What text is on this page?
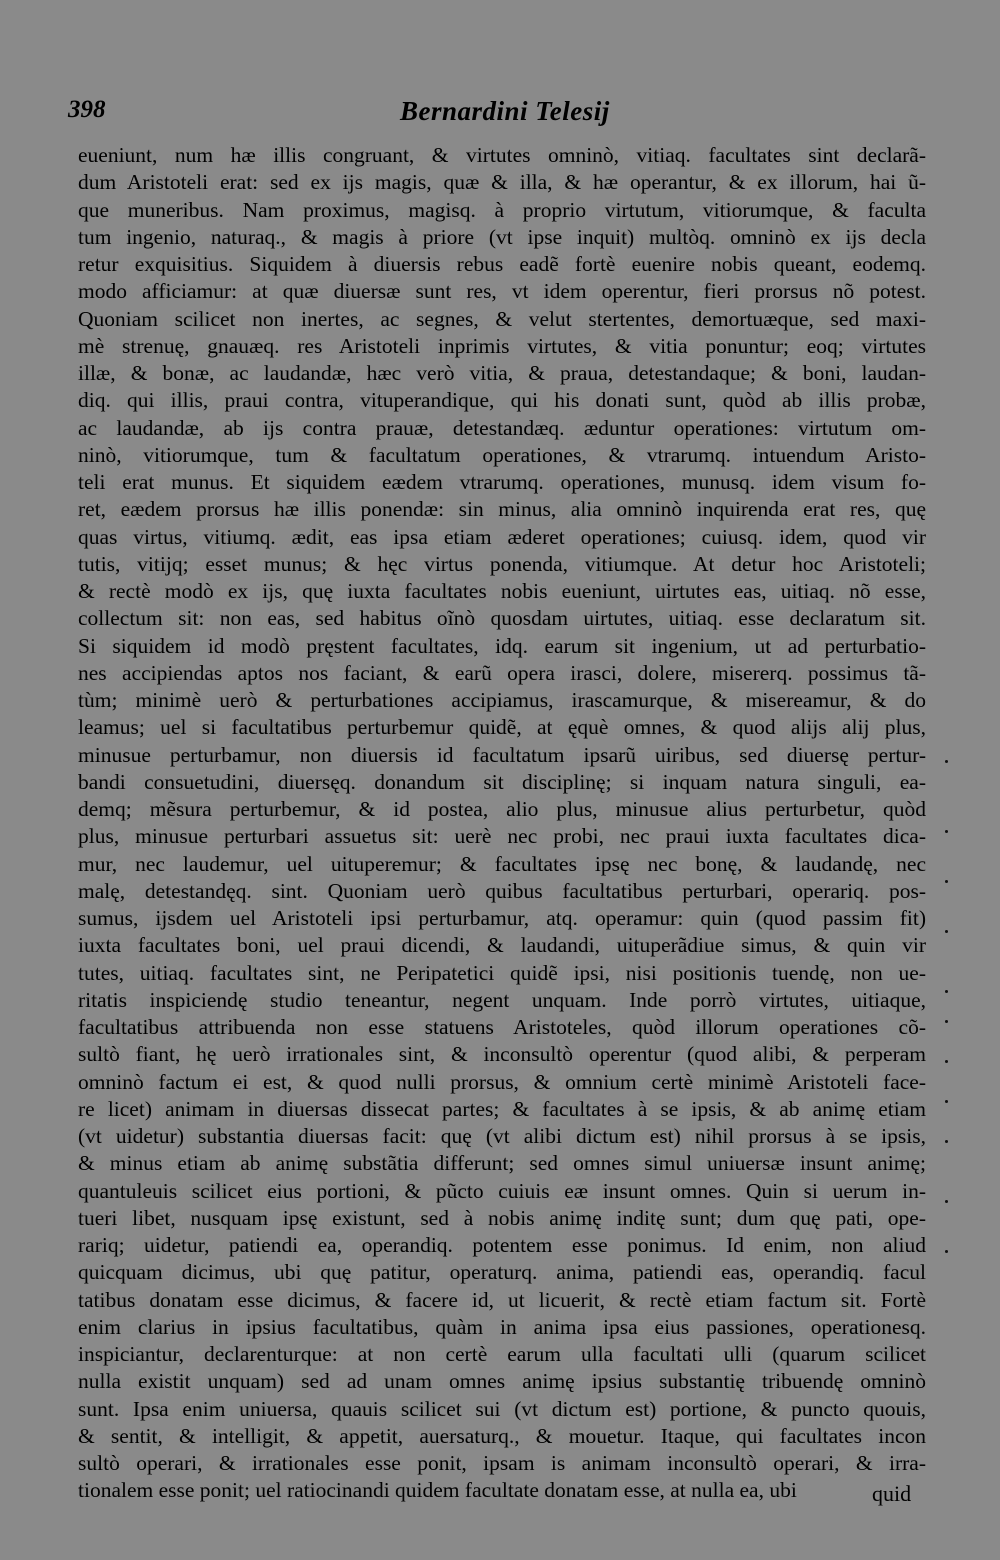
398	Bernardini Telesij
eueniunt, num hæ illis congruant, & virtutes omninò, vitiaq. facultates sint declarã-
dum Aristoteli erat: sed ex ijs magis, quæ & illa, & hæ operantur, & ex illorum, hai ũ-
que muneribus. Nam proximus, magisq. à proprio virtutum, vitiorumque, & faculta
tum ingenio, naturaq., & magis à priore (vt ipse inquit) multòq. omninò ex ijs decla
retur exquisitius. Siquidem à diuersis rebus eadẽ fortè euenire nobis queant, eodemq.
modo afficiamur: at quæ diuersæ sunt res, vt idem operentur, fieri prorsus nõ potest.
Quoniam scilicet non inertes, ac segnes, & velut stertentes, demortuæque, sed maxi-
mè strenuę, gnauæq. res Aristoteli inprimis virtutes, & vitia ponuntur; eoq; virtutes
illæ, & bonæ, ac laudandæ, hæc verò vitia, & praua, detestandaque; & boni, laudan-
diq. qui illis, praui contra, vituperandique, qui his donati sunt, quòd ab illis probæ,
ac laudandæ, ab ijs contra prauæ, detestandæq. æduntur operationes: virtutum om-
ninò, vitiorumque, tum & facultatum operationes, & vtrarumq. intuendum Aristo-
teli erat munus. Et siquidem eædem vtrarumq. operationes, munusq. idem visum fo-
ret, eædem prorsus hæ illis ponendæ: sin minus, alia omninò inquirenda erat res, quę
quas virtus, vitiumq. ædit, eas ipsa etiam æderet operationes; cuiusq. idem, quod vir
tutis, vitijq; esset munus; & hęc virtus ponenda, vitiumque. At detur hoc Aristoteli;
& rectè modò ex ijs, quę iuxta facultates nobis eueniunt, uirtutes eas, uitiaq. nõ esse,
collectum sit: non eas, sed habitus oĩnò quosdam uirtutes, uitiaq. esse declaratum sit.
Si siquidem id modò pręstent facultates, idq. earum sit ingenium, ut ad perturbatio-
nes accipiendas aptos nos faciant, & earũ opera irasci, dolere, misererq. possimus tã-
tùm; minimè uerò & perturbationes accipiamus, irascamurque, & misereamur, & do
leamus; uel si facultatibus perturbemur quidẽ, at ęquè omnes, & quod alijs alij plus,
minusue perturbamur, non diuersis id facultatum ipsarũ uiribus, sed diuersę pertur-
bandi consuetudini, diuersęq. donandum sit disciplinę; si inquam natura singuli, ea-
demq; mẽsura perturbemur, & id postea, alio plus, minusue alius perturbetur, quòd
plus, minusue perturbari assuetus sit: uerè nec probi, nec praui iuxta facultates dica-
mur, nec laudemur, uel uituperemur; & facultates ipsę nec bonę, & laudandę, nec
malę, detestandęq. sint. Quoniam uerò quibus facultatibus perturbari, operariq. pos-
sumus, ijsdem uel Aristoteli ipsi perturbamur, atq. operamur: quin (quod passim fit)
iuxta facultates boni, uel praui dicendi, & laudandi, uituperãdiue simus, & quin vir
tutes, uitiaq. facultates sint, ne Peripatetici quidẽ ipsi, nisi positionis tuendę, non ue-
ritatis inspiciendę studio teneantur, negent unquam. Inde porrò virtutes, uitiaque,
facultatibus attribuenda non esse statuens Aristoteles, quòd illorum operationes cõ-
sultò fiant, hę uerò irrationales sint, & inconsultò operentur (quod alibi, & perperam
omninò factum ei est, & quod nulli prorsus, & omnium certè minimè Aristoteli face-
re licet) animam in diuersas dissecat partes; & facultates à se ipsis, & ab animę etiam
(vt uidetur) substantia diuersas facit: quę (vt alibi dictum est) nihil prorsus à se ipsis,
& minus etiam ab animę substãtia differunt; sed omnes simul uniuersæ insunt animę;
quantuleuis scilicet eius portioni, & pũcto cuiuis eæ insunt omnes. Quin si uerum in-
tueri libet, nusquam ipsę existunt, sed à nobis animę inditę sunt; dum quę pati, ope-
rariq; uidetur, patiendi ea, operandiq. potentem esse ponimus. Id enim, non aliud
quicquam dicimus, ubi quę patitur, operaturq. anima, patiendi eas, operandiq. facul
tatibus donatam esse dicimus, & facere id, ut licuerit, & rectè etiam factum sit. Fortè
enim clarius in ipsius facultatibus, quàm in anima ipsa eius passiones, operationesq.
inspiciantur, declarenturque: at non certè earum ulla facultati ulli (quarum scilicet
nulla existit unquam) sed ad unam omnes animę ipsius substantię tribuendę omninò
sunt. Ipsa enim uniuersa, quauis scilicet sui (vt dictum est) portione, & puncto quouis,
& sentit, & intelligit, & appetit, auersaturq., & mouetur. Itaque, qui facultates incon
sultò operari, & irrationales esse ponit, ipsam is animam inconsultò operari, & irra-
tionalem esse ponit; uel ratiocinandi quidem facultate donatam esse, at nulla ea, ubi	quid
